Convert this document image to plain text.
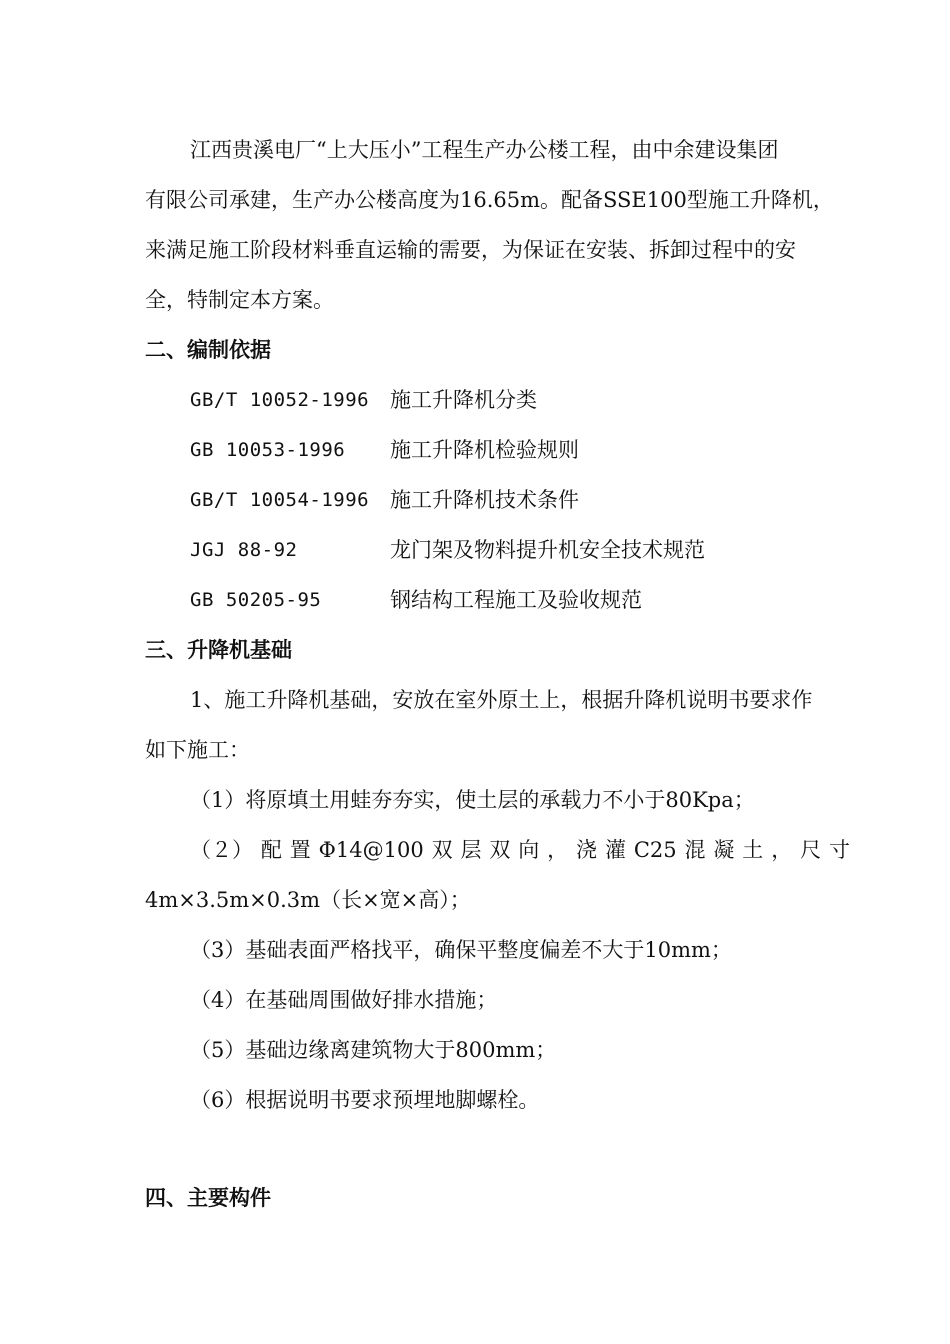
江西贵溪电厂“上大压小”工程生产办公楼工程，由中余建设集团
有限公司承建，生产办公楼高度为16.65m。配备SSE100型施工升降机，
来满足施工阶段材料垂直运输的需要，为保证在安装、拆卸过程中的安
全，特制定本方案。
二、编制依据
GB/T 10052-1996 施工升降机分类
GB 10053-1996 施工升降机检验规则
GB/T 10054-1996 施工升降机技术条件
JGJ 88-92	龙门架及物料提升机安全技术规范
GB 50205-95	钢结构工程施工及验收规范
三、升降机基础
1、施工升降机基础，安放在室外原土上，根据升降机说明书要求作
如下施工：
（1）将原填土用蛙夯夯实，使土层的承载力不小于80Kpa；
（２） 配 置 Φ14@100 双 层 双 向 ， 浇 灌 C25 混 凝 土 ， 尺 寸
4m×3.5m×0.3m（长×宽×高）；
（3）基础表面严格找平，确保平整度偏差不大于10mm；
（4）在基础周围做好排水措施；
（5）基础边缘离建筑物大于800mm；
（6）根据说明书要求预埋地脚螺栓。
四、主要构件
